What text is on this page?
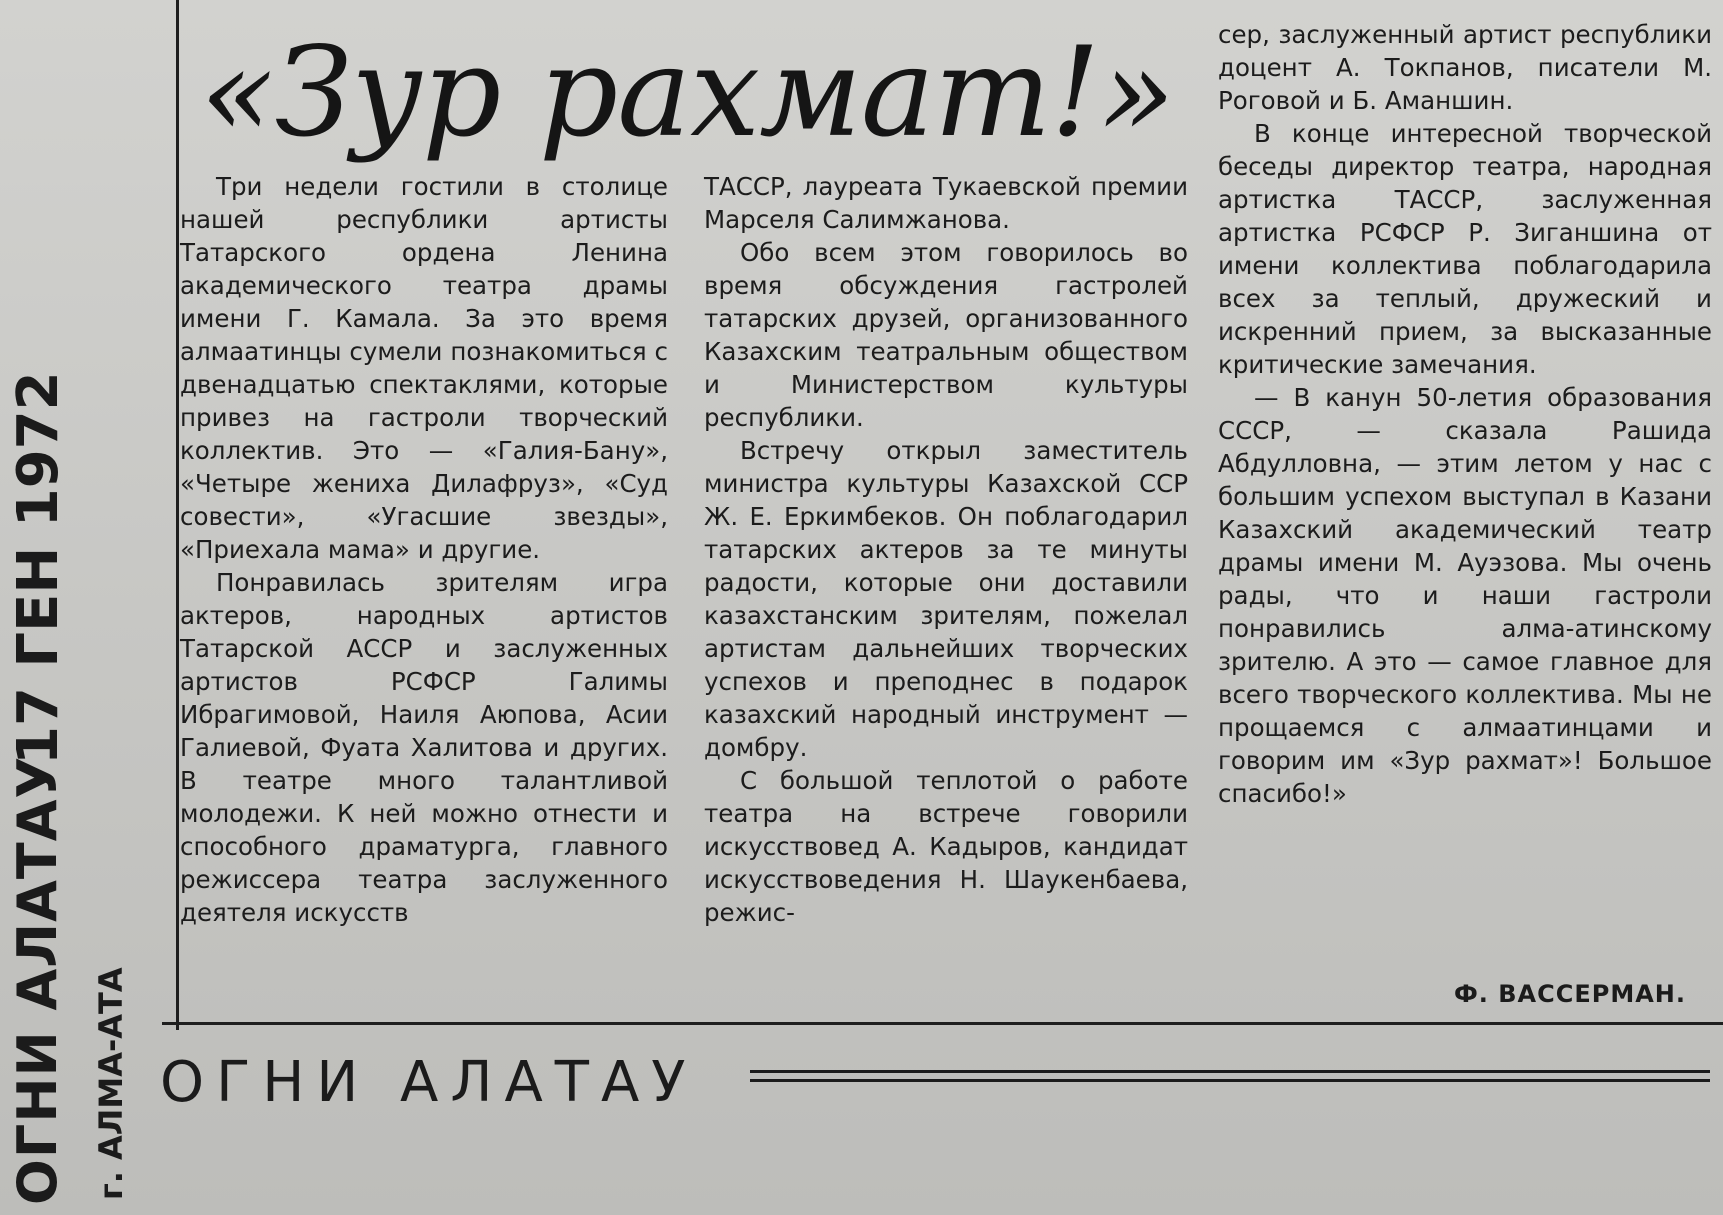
ОГНИ АЛАТАУ г. АЛМА-АТА
17 ГЕН 1972
«Зур рахмат!»

Три недели гостили в столице нашей республики артисты Татарского ордена Ленина академического театра драмы имени Г. Камала. За это время алмаатинцы сумели познакомиться с двенадцатью спектаклями, которые привез на гастроли творческий коллектив. Это — «Галия-Бану», «Четыре жениха Дилафруз», «Суд совести», «Угасшие звезды», «Приехала мама» и другие.

Понравилась зрителям игра актеров, народных артистов Татарской АССР и заслуженных артистов РСФСР Галимы Ибрагимовой, Наиля Аюпова, Асии Галиевой, Фуата Халитова и других. В театре много талантливой молодежи. К ней можно отнести и способного драматурга, главного режиссера театра заслуженного деятеля искусств

ТАССР, лауреата Тукаевской премии Марселя Салимжанова.

Обо всем этом говорилось во время обсуждения гастролей татарских друзей, организованного Казахским театральным обществом и Министерством культуры республики.

Встречу открыл заместитель министра культуры Казахской ССР Ж. Е. Еркимбеков. Он поблагодарил татарских актеров за те минуты радости, которые они доставили казахстанским зрителям, пожелал артистам дальнейших творческих успехов и преподнес в подарок казахский народный инструмент — домбру.

С большой теплотой о работе театра на встрече говорили искусствовед А. Кадыров, кандидат искусствоведения Н. Шаукенбаева, режис-

сер, заслуженный артист республики доцент А. Токпанов, писатели М. Роговой и Б. Аманшин.

В конце интересной творческой беседы директор театра, народная артистка ТАССР, заслуженная артистка РСФСР Р. Зиганшина от имени коллектива поблагодарила всех за теплый, дружеский и искренний прием, за высказанные критические замечания.

— В канун 50-летия образования СССР, — сказала Рашида Абдулловна, — этим летом у нас с большим успехом выступал в Казани Казахский академический театр драмы имени М. Ауэзова. Мы очень рады, что и наши гастроли понравились алма-атинскому зрителю. А это — самое главное для всего творческого коллектива. Мы не прощаемся с алмаатинцами и говорим им «Зур рахмат»! Большое спасибо!»

Ф. ВАССЕРМАН.
ОГНИ АЛАТАУ
